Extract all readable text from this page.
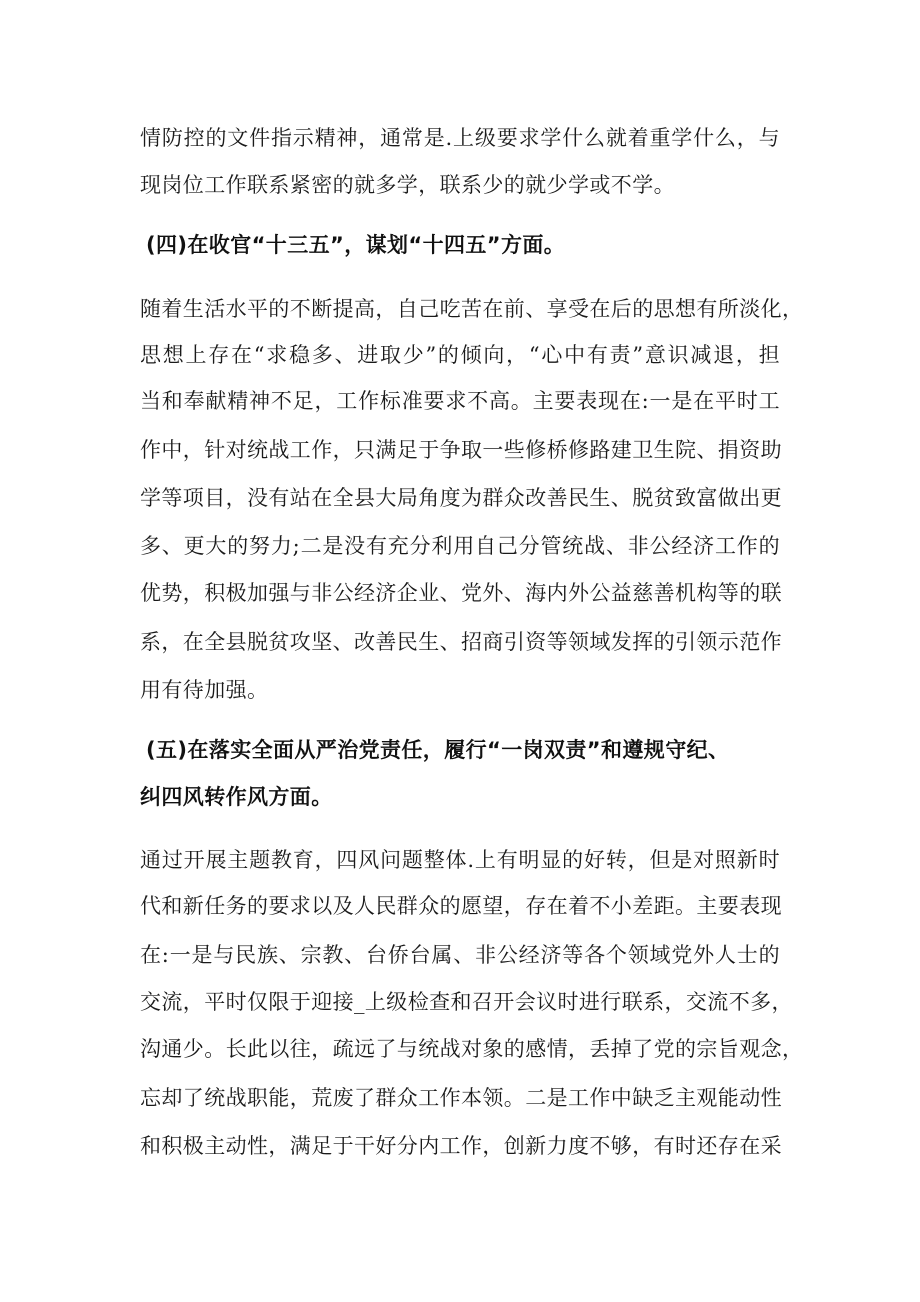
情防控的文件指示精神，通常是.上级要求学什么就着重学什么，与
现岗位工作联系紧密的就多学，联系少的就少学或不学。
(四)在收官“十三五”，谋划“十四五”方面。
随着生活水平的不断提高，自己吃苦在前、享受在后的思想有所淡化，
思想上存在“求稳多、进取少”的倾向，“心中有责”意识减退，担
当和奉献精神不足，工作标准要求不高。主要表现在:一是在平时工
作中，针对统战工作，只满足于争取一些修桥修路建卫生院、捐资助
学等项目，没有站在全县大局角度为群众改善民生、脱贫致富做出更
多、更大的努力;二是没有充分利用自己分管统战、非公经济工作的
优势，积极加强与非公经济企业、党外、海内外公益慈善机构等的联
系，在全县脱贫攻坚、改善民生、招商引资等领域发挥的引领示范作
用有待加强。
(五)在落实全面从严治党责任，履行“一岗双责”和遵规守纪、
纠四风转作风方面。
通过开展主题教育，四风问题整体.上有明显的好转，但是对照新时
代和新任务的要求以及人民群众的愿望，存在着不小差距。主要表现
在:一是与民族、宗教、台侨台属、非公经济等各个领域党外人士的
交流，平时仅限于迎接_上级检查和召开会议时进行联系，交流不多，
沟通少。长此以往，疏远了与统战对象的感情，丢掉了党的宗旨观念，
忘却了统战职能，荒废了群众工作本领。二是工作中缺乏主观能动性
和积极主动性，满足于干好分内工作，创新力度不够，有时还存在采
